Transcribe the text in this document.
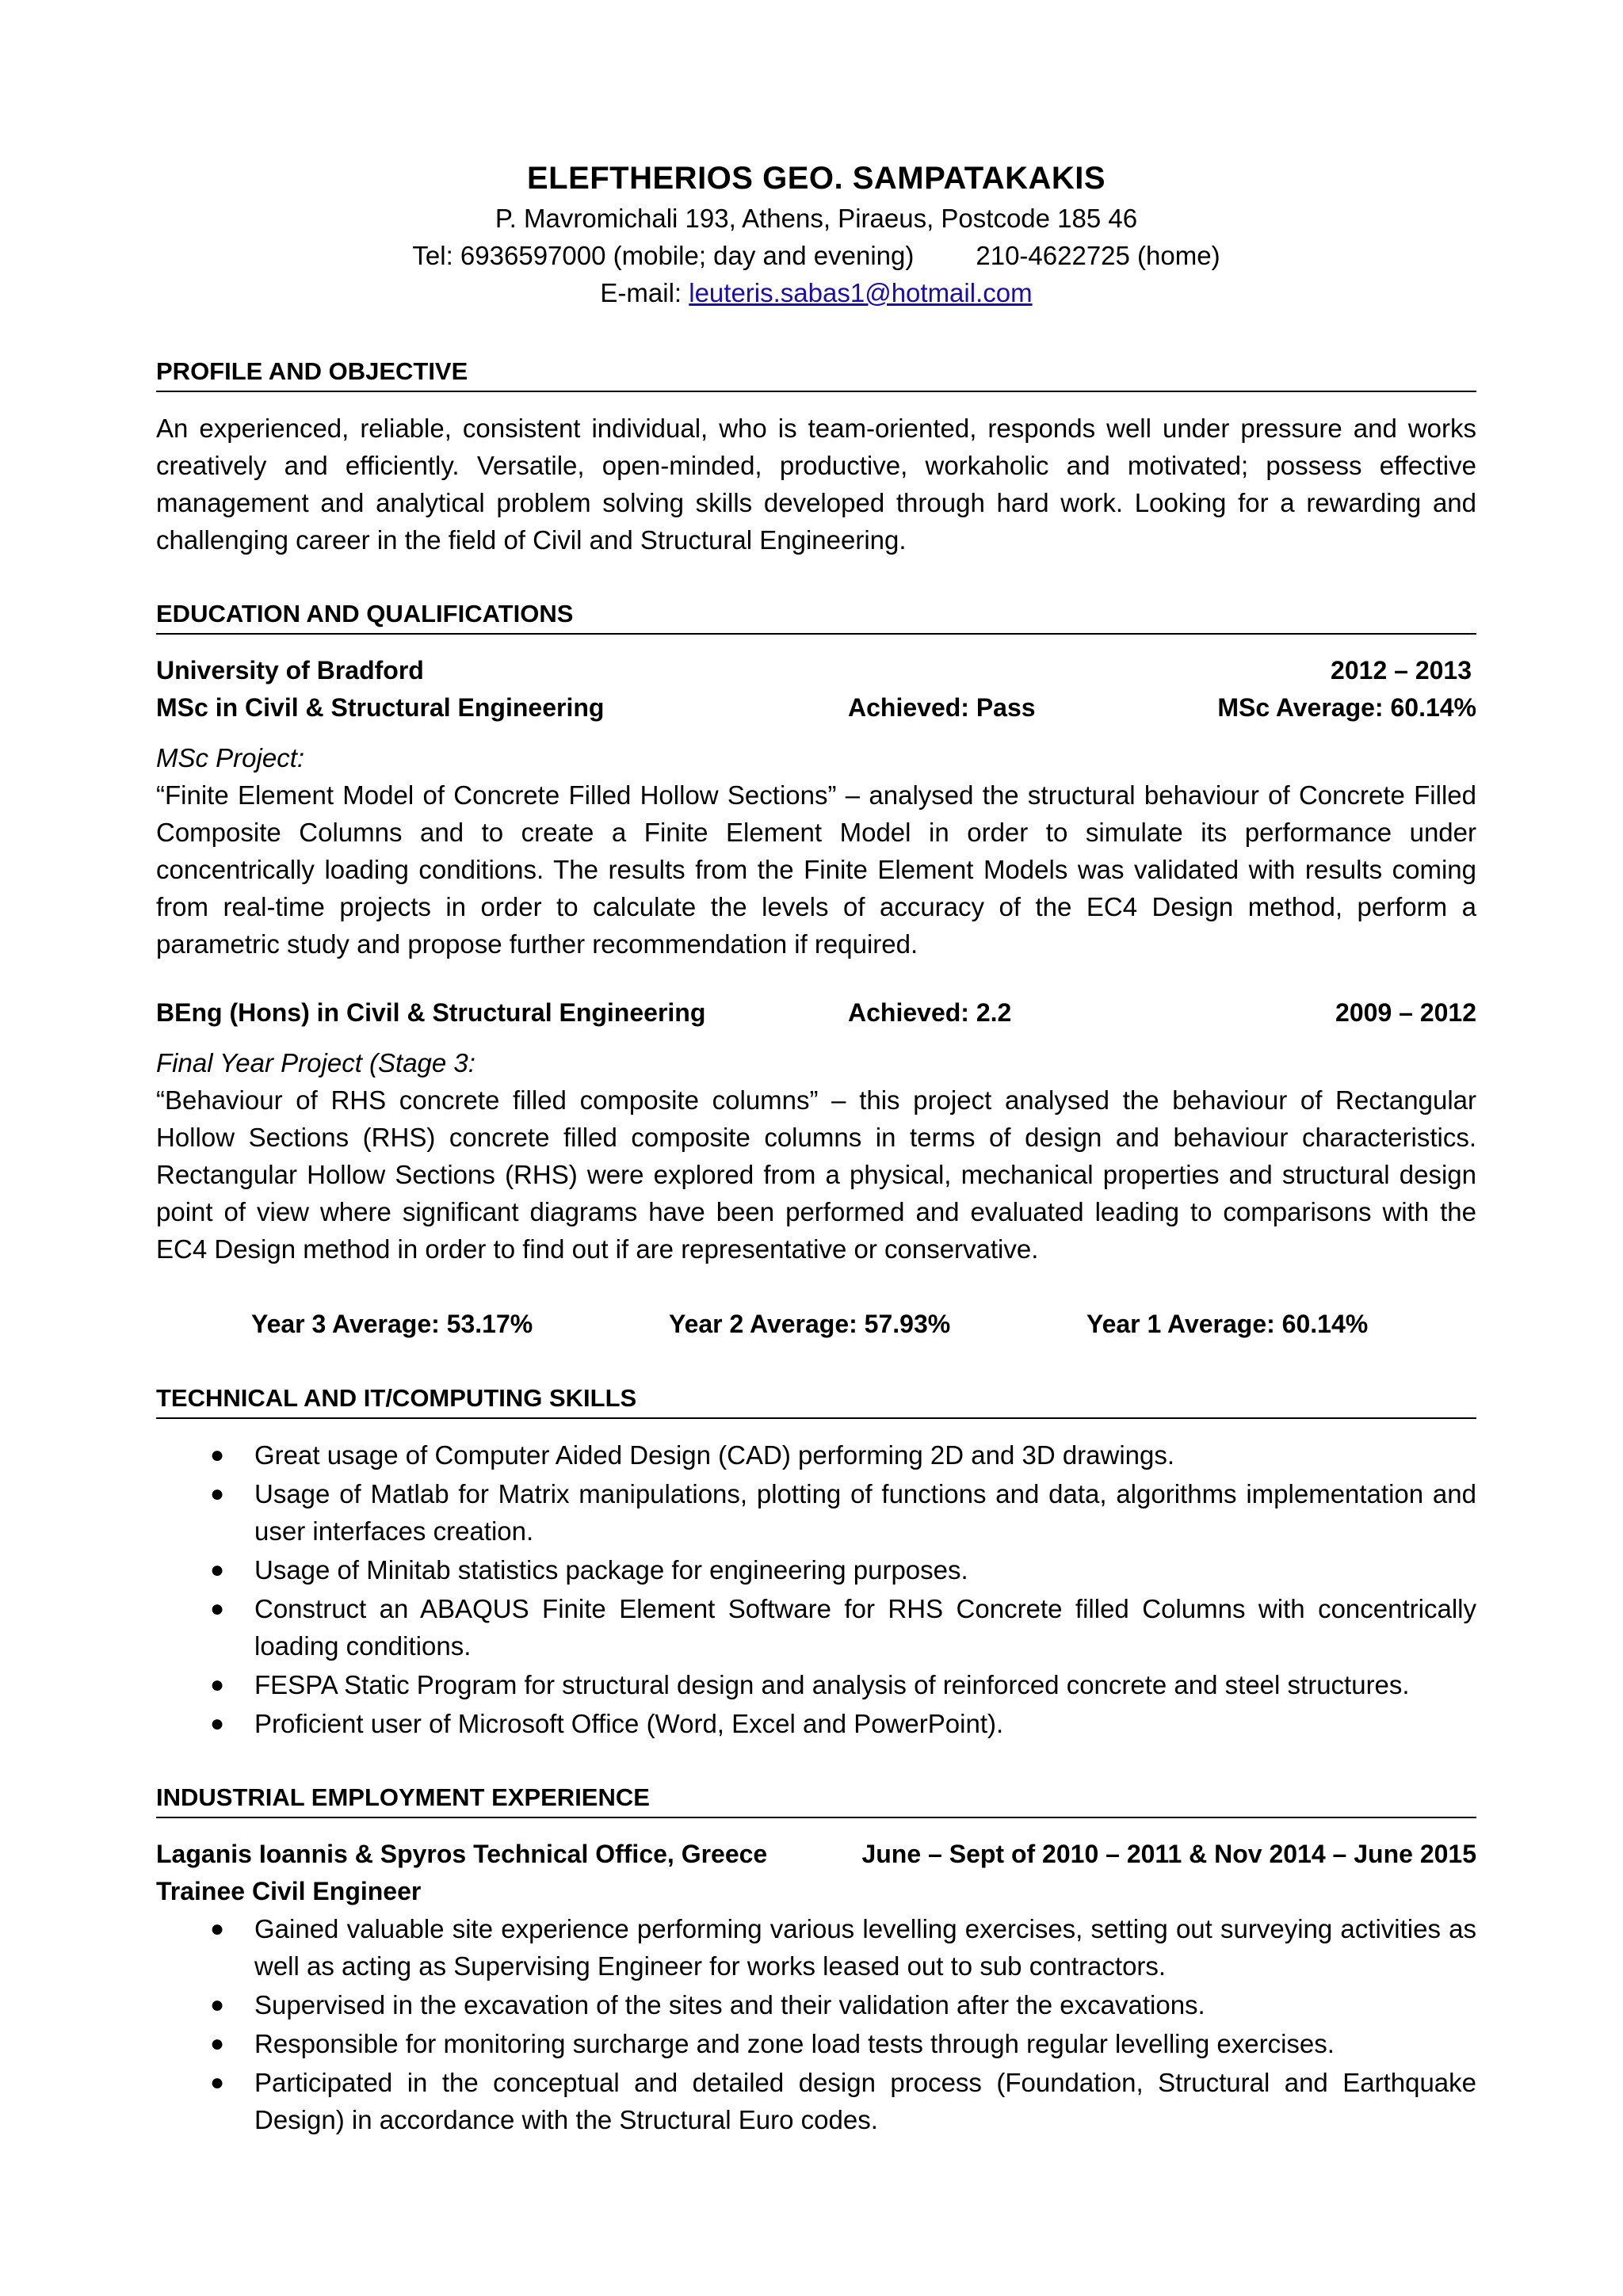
ELEFTHERIOS GEO. SAMPATAKAKIS
P. Mavromichali 193, Athens, Piraeus, Postcode 185 46
Tel: 6936597000 (mobile; day and evening) 210-4622725 (home)
E-mail: leuteris.sabas1@hotmail.com
PROFILE AND OBJECTIVE

An experienced, reliable, consistent individual, who is team-oriented, responds well under pressure and works creatively and efficiently. Versatile, open-minded, productive, workaholic and motivated; possess effective management and analytical problem solving skills developed through hard work. Looking for a rewarding and challenging career in the field of Civil and Structural Engineering.

EDUCATION AND QUALIFICATIONS
University of Bradford	2012 – 2013
MSc in Civil & Structural Engineering	Achieved: Pass	MSc Average: 60.14%
MSc Project:

“Finite Element Model of Concrete Filled Hollow Sections” – analysed the structural behaviour of Concrete Filled Composite Columns and to create a Finite Element Model in order to simulate its performance under concentrically loading conditions. The results from the Finite Element Models was validated with results coming from real-time projects in order to calculate the levels of accuracy of the EC4 Design method, perform a parametric study and propose further recommendation if required.

BEng (Hons) in Civil & Structural Engineering	Achieved: 2.2	2009 – 2012
Final Year Project (Stage 3:

“Behaviour of RHS concrete filled composite columns” – this project analysed the behaviour of Rectangular Hollow Sections (RHS) concrete filled composite columns in terms of design and behaviour characteristics. Rectangular Hollow Sections (RHS) were explored from a physical, mechanical properties and structural design point of view where significant diagrams have been performed and evaluated leading to comparisons with the EC4 Design method in order to find out if are representative or conservative.

Year 3 Average: 53.17%	Year 2 Average: 57.93%	Year 1 Average: 60.14%
TECHNICAL AND IT/COMPUTING SKILLS
● Great usage of Computer Aided Design (CAD) performing 2D and 3D drawings.
● Usage of Matlab for Matrix manipulations, plotting of functions and data, algorithms implementation and user interfaces creation.
● Usage of Minitab statistics package for engineering purposes.
● Construct an ABAQUS Finite Element Software for RHS Concrete filled Columns with concentrically loading conditions.
● FESPA Static Program for structural design and analysis of reinforced concrete and steel structures.
● Proficient user of Microsoft Office (Word, Excel and PowerPoint).
INDUSTRIAL EMPLOYMENT EXPERIENCE
Laganis Ioannis & Spyros Technical Office, Greece	June – Sept of 2010 – 2011 & Nov 2014 – June 2015
Trainee Civil Engineer
● Gained valuable site experience performing various levelling exercises, setting out surveying activities as well as acting as Supervising Engineer for works leased out to sub contractors.
● Supervised in the excavation of the sites and their validation after the excavations.
● Responsible for monitoring surcharge and zone load tests through regular levelling exercises.
● Participated in the conceptual and detailed design process (Foundation, Structural and Earthquake Design) in accordance with the Structural Euro codes.
